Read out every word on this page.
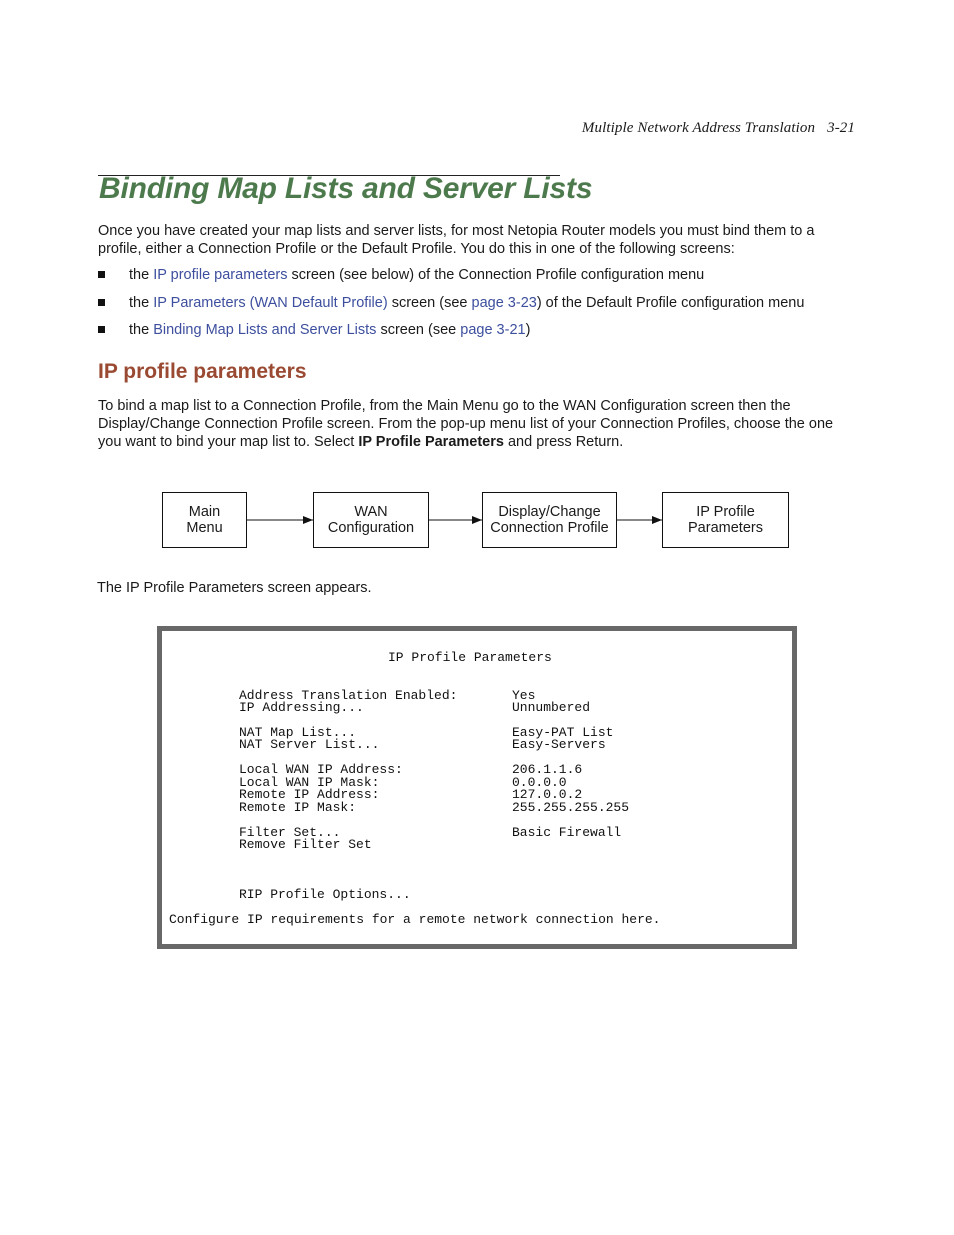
Multiple Network Address Translation 3-21
Binding Map Lists and Server Lists

Once you have created your map lists and server lists, for most Netopia Router models you must bind them to a profile, either a Connection Profile or the Default Profile. You do this in one of the following screens:

the IP profile parameters screen (see below) of the Connection Profile configuration menu
the IP Parameters (WAN Default Profile) screen (see page 3-23) of the Default Profile configuration menu
the Binding Map Lists and Server Lists screen (see page 3-21)
IP profile parameters

To bind a map list to a Connection Profile, from the Main Menu go to the WAN Configuration screen then the Display/Change Connection Profile screen. From the pop-up menu list of your Connection Profiles, choose the one you want to bind your map list to. Select IP Profile Parameters and press Return.

Main
Menu
WAN
Configuration
Display/Change
Connection Profile
IP Profile
Parameters

The IP Profile Parameters screen appears.

IP Profile Parameters
Address Translation Enabled:	Yes
IP Addressing...	Unnumbered
NAT Map List...	Easy-PAT List
NAT Server List...	Easy-Servers
Local WAN IP Address:	206.1.1.6
Local WAN IP Mask:	0.0.0.0
Remote IP Address:	127.0.0.2
Remote IP Mask:	255.255.255.255
Filter Set...	Basic Firewall
Remove Filter Set
RIP Profile Options...
Configure IP requirements for a remote network connection here.
